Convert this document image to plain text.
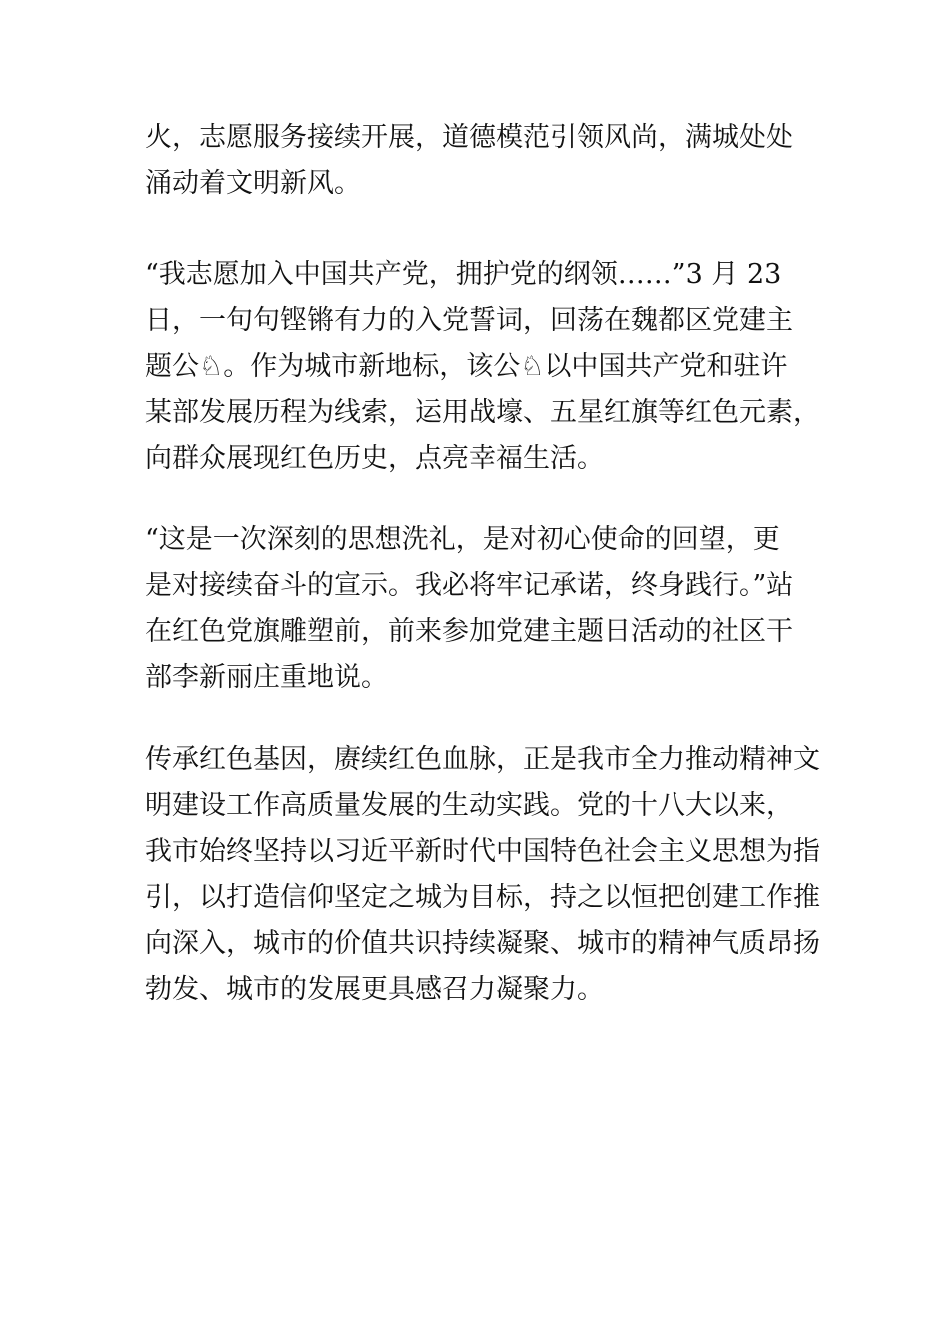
火，志愿服务接续开展，道德模范引领风尚，满城处处
涌动着文明新风。

“我志愿加入中国共产党，拥护党的纲领……”3 月 23
日，一句句铿锵有力的入党誓词，回荡在魏都区党建主
题公♘。作为城市新地标，该公♘以中国共产党和驻许
某部发展历程为线索，运用战壕、五星红旗等红色元素，
向群众展现红色历史，点亮幸福生活。

“这是一次深刻的思想洗礼，是对初心使命的回望，更
是对接续奋斗的宣示。我必将牢记承诺，终身践行。”站
在红色党旗雕塑前，前来参加党建主题日活动的社区干
部李新丽庄重地说。

传承红色基因，赓续红色血脉，正是我市全力推动精神文
明建设工作高质量发展的生动实践。党的十八大以来，
我市始终坚持以习近平新时代中国特色社会主义思想为指
引，以打造信仰坚定之城为目标，持之以恒把创建工作推
向深入，城市的价值共识持续凝聚、城市的精神气质昂扬
勃发、城市的发展更具感召力凝聚力。
